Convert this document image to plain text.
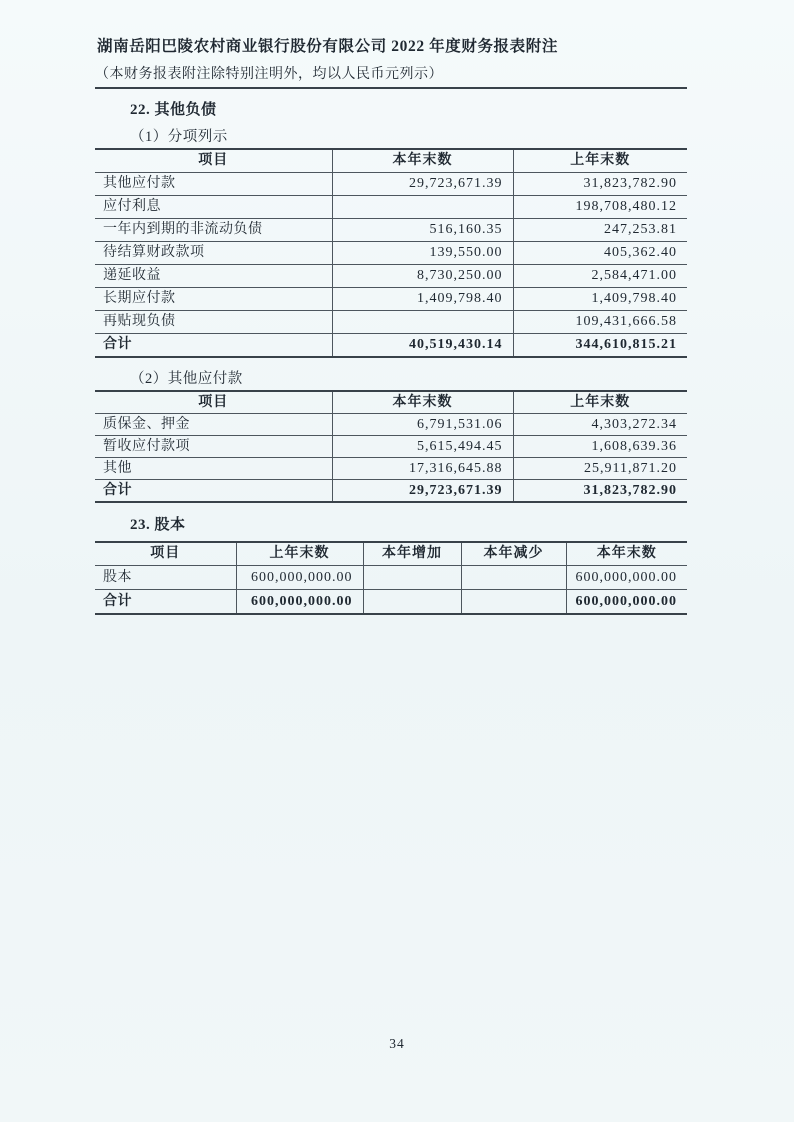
湖南岳阳巴陵农村商业银行股份有限公司 2022 年度财务报表附注
（本财务报表附注除特别注明外，均以人民币元列示）
22. 其他负债
（1）分项列示
项目	本年末数	上年末数
其他应付款	29,723,671.39	31,823,782.90
应付利息		198,708,480.12
一年内到期的非流动负债	516,160.35	247,253.81
待结算财政款项	139,550.00	405,362.40
递延收益	8,730,250.00	2,584,471.00
长期应付款	1,409,798.40	1,409,798.40
再贴现负债		109,431,666.58
合计	40,519,430.14	344,610,815.21
（2）其他应付款
项目	本年末数	上年末数
质保金、押金	6,791,531.06	4,303,272.34
暂收应付款项	5,615,494.45	1,608,639.36
其他	17,316,645.88	25,911,871.20
合计	29,723,671.39	31,823,782.90
23. 股本
项目	上年末数	本年增加	本年减少	本年末数
股本	600,000,000.00			600,000,000.00
合计	600,000,000.00			600,000,000.00
34
